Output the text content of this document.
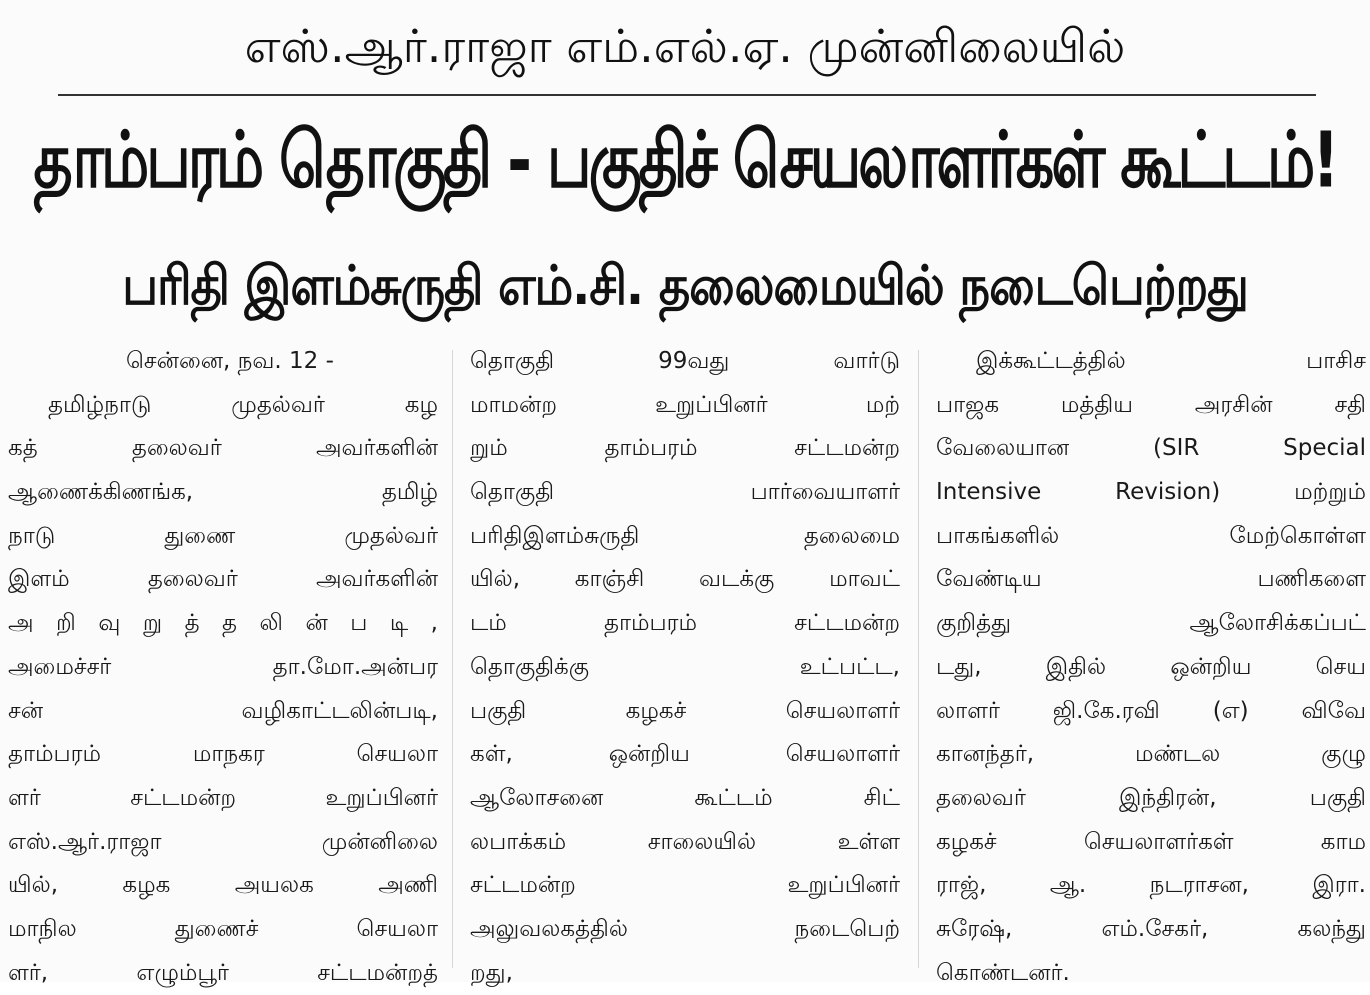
எஸ்.ஆர்.ராஜா எம்.எல்.ஏ. முன்னிலையில்
தாம்பரம் தொகுதி - பகுதிச் செயலாளர்கள் கூட்டம்!
பரிதி இளம்சுருதி எம்.சி. தலைமையில் நடைபெற்றது
சென்னை, நவ. 12 -
தமிழ்நாடு முதல்வர் கழ
கத் தலைவர் அவர்களின்
ஆணைக்கிணங்க, தமிழ்
நாடு துணை முதல்வர்
இளம் தலைவர் அவர்களின்
அ றி வு று த் த லி ன் ப டி ,
அமைச்சர் தா.மோ.அன்பர
சன் வழிகாட்டலின்படி,
தாம்பரம் மாநகர செயலா
ளர் சட்டமன்ற உறுப்பினர்
எஸ்.ஆர்.ராஜா முன்னிலை
யில், கழக அயலக அணி
மாநில துணைச் செயலா
ளர், எழும்பூர் சட்டமன்றத்
தொகுதி 99வது வார்டு
மாமன்ற உறுப்பினர் மற்
றும் தாம்பரம் சட்டமன்ற
தொகுதி பார்வையாளர்
பரிதிஇளம்சுருதி தலைமை
யில், காஞ்சி வடக்கு மாவட்
டம் தாம்பரம் சட்டமன்ற
தொகுதிக்கு உட்பட்ட,
பகுதி கழகச் செயலாளர்
கள், ஒன்றிய செயலாளர்
ஆலோசனை கூட்டம் சிட்
லபாக்கம் சாலையில் உள்ள
சட்டமன்ற உறுப்பினர்
அலுவலகத்தில் நடைபெற்
றது,
இக்கூட்டத்தில் பாசிச
பாஜக மத்திய அரசின் சதி
வேலையான (SIR Special
Intensive Revision) மற்றும்
பாகங்களில் மேற்கொள்ள
வேண்டிய பணிகளை
குறித்து ஆலோசிக்கப்பட்
டது, இதில் ஒன்றிய செய
லாளர் ஜி.கே.ரவி (எ) விவே
கானந்தர், மண்டல குழு
தலைவர் இந்திரன், பகுதி
கழகச் செயலாளர்கள் காம
ராஜ், ஆ. நடராசன, இரா.
சுரேஷ், எம்.சேகர், கலந்து
கொண்டனர்.
